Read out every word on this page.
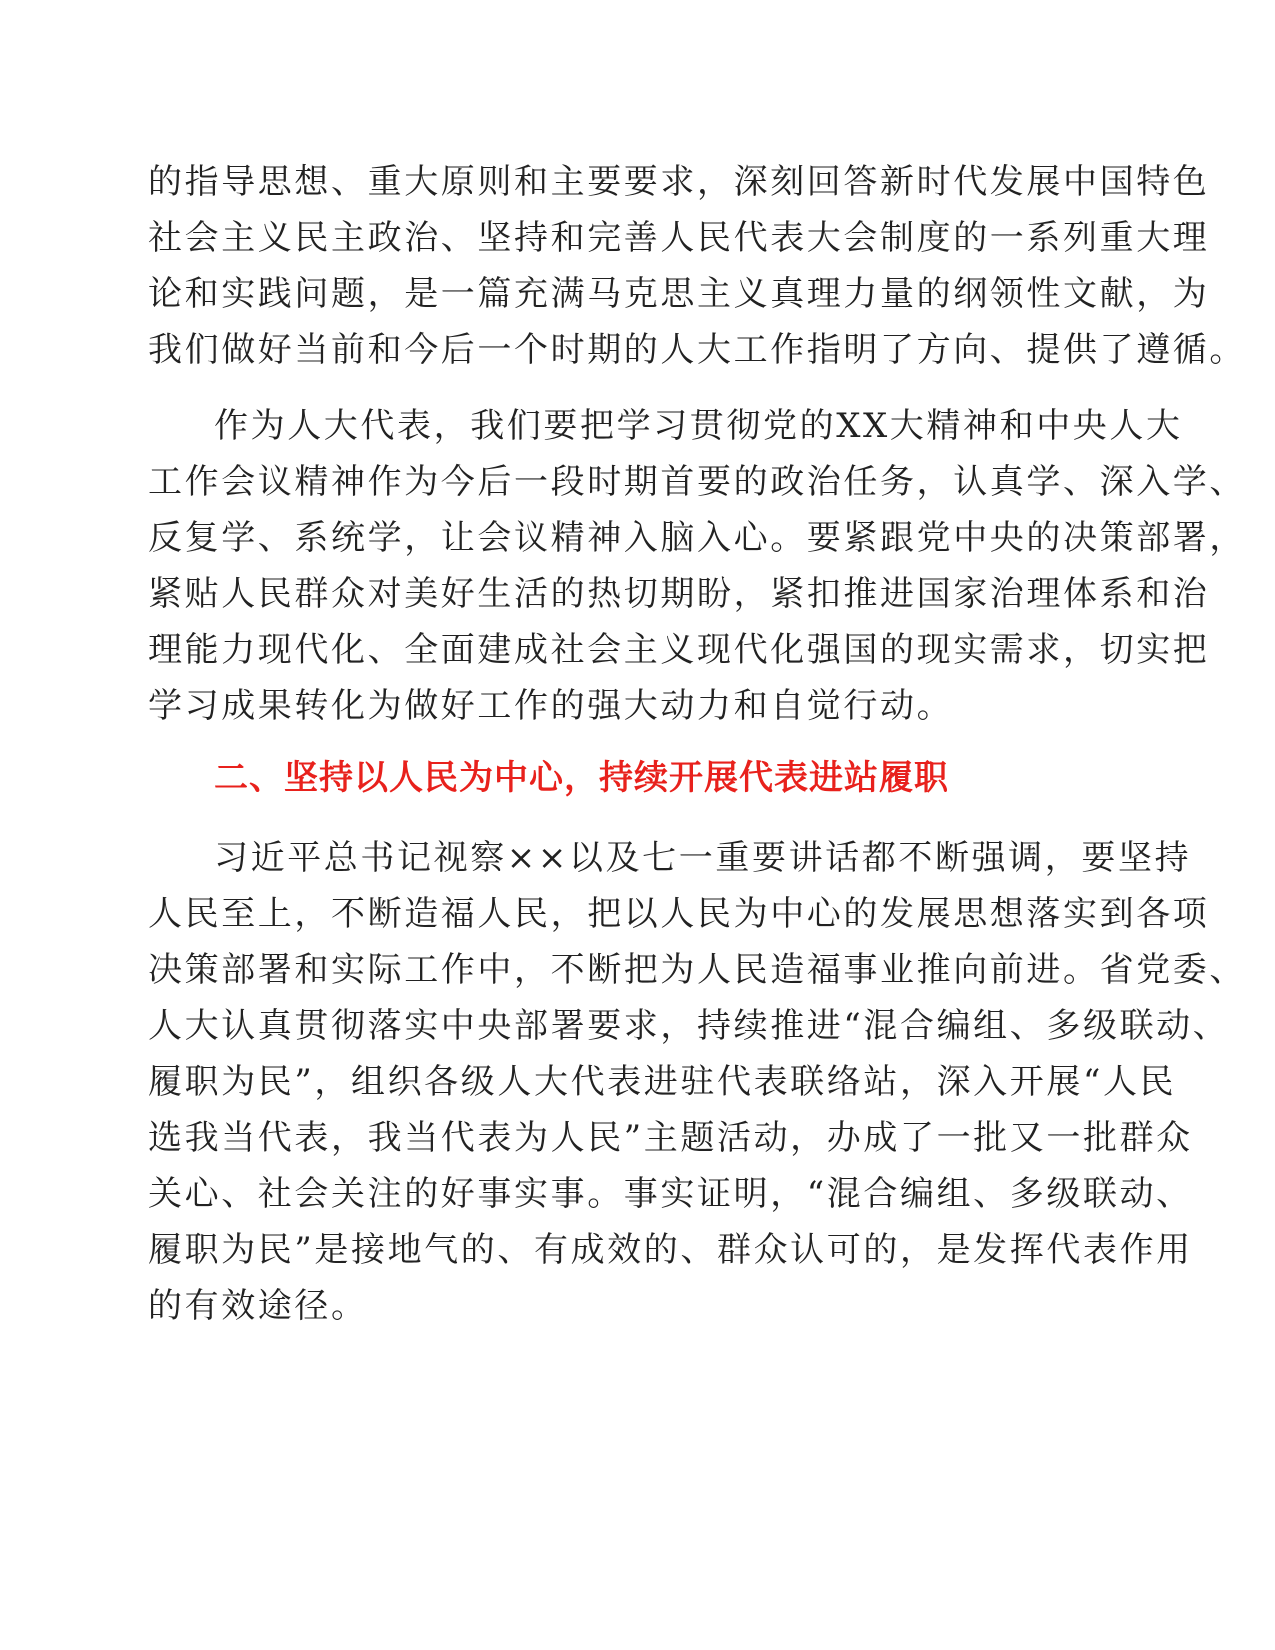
的指导思想、重大原则和主要要求，深刻回答新时代发展中国特色
社会主义民主政治、坚持和完善人民代表大会制度的一系列重大理
论和实践问题，是一篇充满马克思主义真理力量的纲领性文献，为
我们做好当前和今后一个时期的人大工作指明了方向、提供了遵循。
作为人大代表，我们要把学习贯彻党的XX大精神和中央人大
工作会议精神作为今后一段时期首要的政治任务，认真学、深入学、
反复学、系统学，让会议精神入脑入心。要紧跟党中央的决策部署，
紧贴人民群众对美好生活的热切期盼，紧扣推进国家治理体系和治
理能力现代化、全面建成社会主义现代化强国的现实需求，切实把
学习成果转化为做好工作的强大动力和自觉行动。
二、坚持以人民为中心，持续开展代表进站履职
习近平总书记视察××以及七一重要讲话都不断强调，要坚持
人民至上，不断造福人民，把以人民为中心的发展思想落实到各项
决策部署和实际工作中，不断把为人民造福事业推向前进。省党委、
人大认真贯彻落实中央部署要求，持续推进“混合编组、多级联动、
履职为民”，组织各级人大代表进驻代表联络站，深入开展“人民
选我当代表，我当代表为人民”主题活动，办成了一批又一批群众
关心、社会关注的好事实事。事实证明，“混合编组、多级联动、
履职为民”是接地气的、有成效的、群众认可的，是发挥代表作用
的有效途径。
